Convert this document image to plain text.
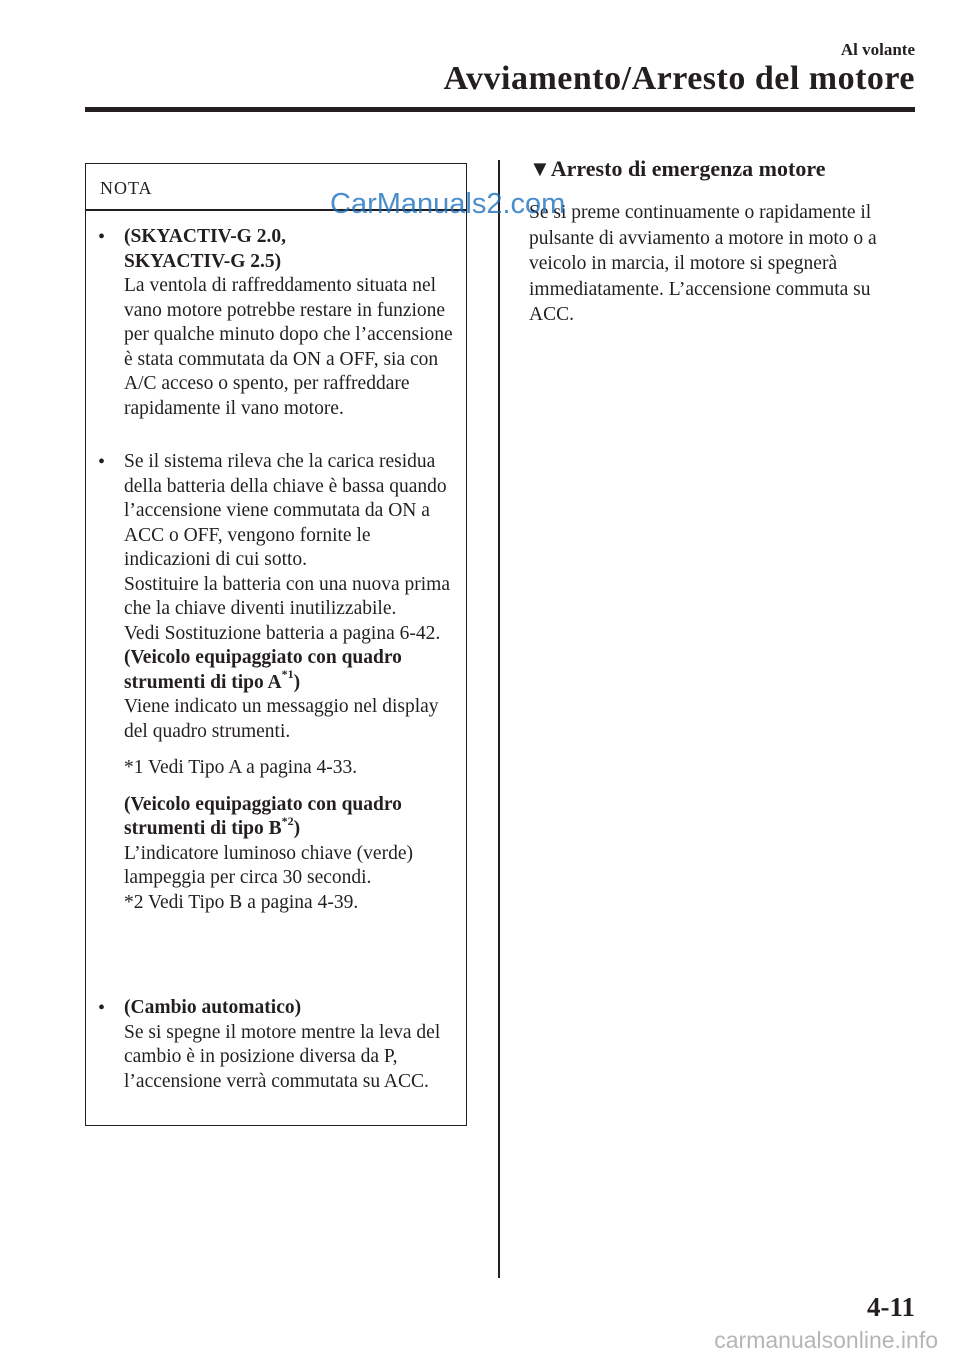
Al volante
Avviamento/Arresto del motore
NOTA
• (SKYACTIV-G 2.0,

SKYACTIV-G 2.5)

La ventola di raffreddamento situata nel vano motore potrebbe restare in funzione per qualche minuto dopo che l’accensione è stata commutata da ON a OFF, sia con A/C acceso o spento, per raffreddare rapidamente il vano motore.

• Se il sistema rileva che la carica residua della batteria della chiave è bassa quando l’accensione viene commutata da ON a ACC o OFF, vengono fornite le indicazioni di cui sotto.

Sostituire la batteria con una nuova prima che la chiave diventi inutilizzabile.

Vedi Sostituzione batteria a pagina 6-42.

(Veicolo equipaggiato con quadro strumenti di tipo $A^{*1}$)

Viene indicato un messaggio nel display del quadro strumenti.

*1 Vedi Tipo A a pagina 4-33.

(Veicolo equipaggiato con quadro strumenti di tipo $B^{*2}$)

L’indicatore luminoso chiave (verde) lampeggia per circa 30 secondi.

*2 Vedi Tipo B a pagina 4-39.

• (Cambio automatico)

Se si spegne il motore mentre la leva del cambio è in posizione diversa da P, l’accensione verrà commutata su ACC.

▼Arresto di emergenza motore

Se si preme continuamente o rapidamente il pulsante di avviamento a motore in moto o a veicolo in marcia, il motore si spegnerà immediatamente. L’accensione commuta su ACC.

CarManuals2.com
4-11
carmanualsonline.info
